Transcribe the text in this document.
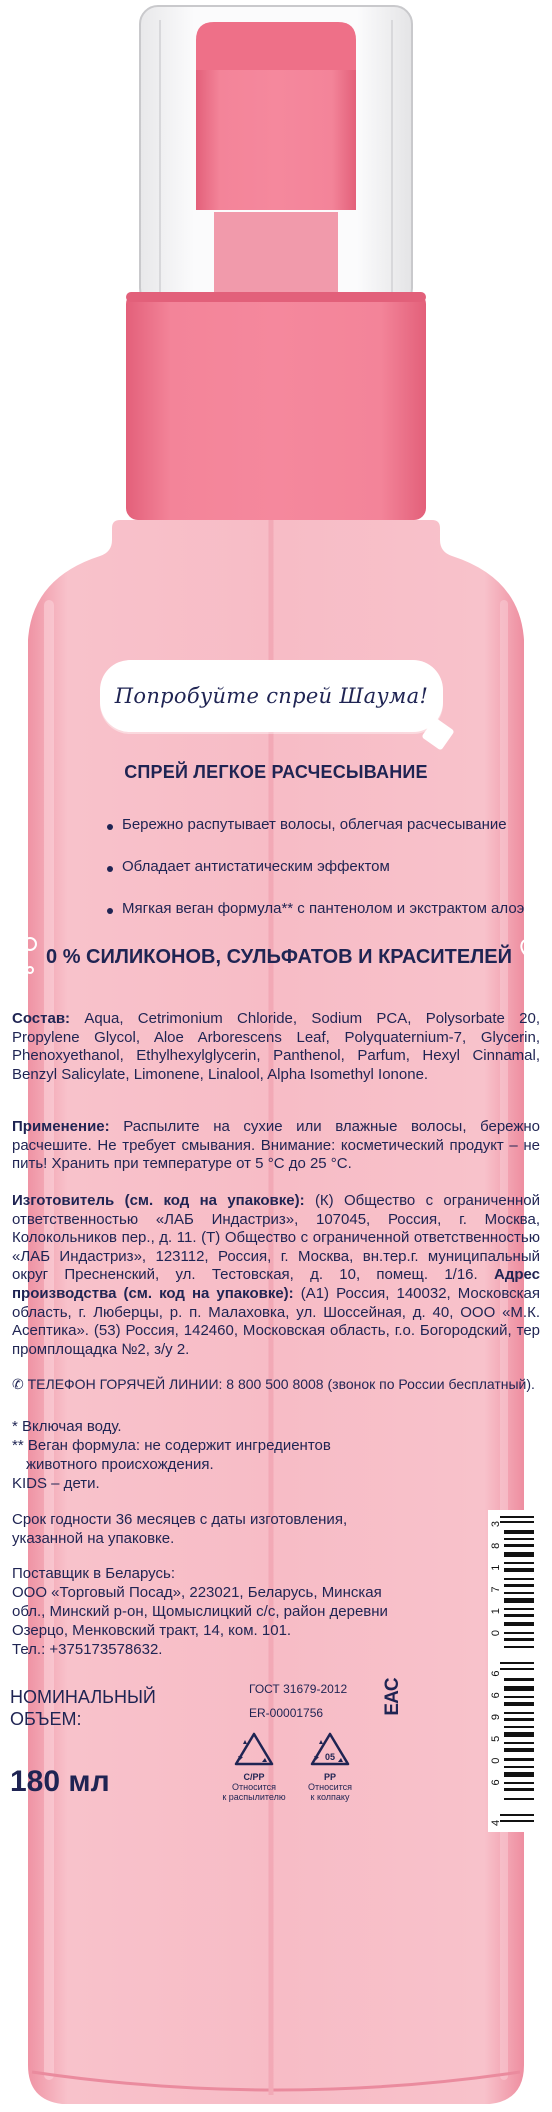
Попробуйте спрей Шаума!
СПРЕЙ ЛЕГКОЕ РАСЧЕСЫВАНИЕ
Бережно распутывает волосы, облегчая расчесывание
Обладает антистатическим эффектом
Мягкая веган формула** с пантенолом и экстрактом алоэ
0 % СИЛИКОНОВ, СУЛЬФАТОВ И КРАСИТЕЛЕЙ
Состав: Aqua, Cetrimonium Chloride, Sodium PCA, Polysorbate 20, Propylene Glycol, Aloe Arborescens Leaf, Polyquaternium-7, Glycerin, Phenoxyethanol, Ethylhexylglycerin, Panthenol, Parfum, Hexyl Cinnamal, Benzyl Salicylate, Limonene, Linalool, Alpha Isomethyl Ionone.
Применение: Распылите на сухие или влажные волосы, бережно расчешите. Не требует смывания. Внимание: косметический продукт – не пить! Хранить при температуре от 5 °C до 25 °C.
Изготовитель (см. код на упаковке): (К) Общество с ограниченной ответственностью «ЛАБ Индастриз», 107045, Россия, г. Москва, Колокольников пер., д. 11. (Т) Общество с ограниченной ответственностью «ЛАБ Индастриз», 123112, Россия, г. Москва, вн.тер.г. муниципальный округ Пресненский, ул. Тестовская, д. 10, помещ. 1/16. Адрес производства (см. код на упаковке): (А1) Россия, 140032, Московская область, г. Люберцы, р. п. Малаховка, ул. Шоссейная, д. 40, ООО «М.К. Асептика». (53) Россия, 142460, Московская область, г.о. Богородский, тер промплощадка №2, з/у 2.
✆ ТЕЛЕФОН ГОРЯЧЕЙ ЛИНИИ: 8 800 500 8008 (звонок по России бесплатный).
* Включая воду.
** Веган формула: не содержит ингредиентов
животного происхождения.
KIDS – дети.
Срок годности 36 месяцев с даты изготовления,
указанной на упаковке.
Поставщик в Беларусь:
ООО «Торговый Посад», 223021, Беларусь, Минская
обл., Минский р-он, Щомыслицкий с/с, район деревни
Озерцо, Менковский тракт, 14, ком. 101.
Тел.: +375173578632.
НОМИНАЛЬНЫЙ
ОБЪЕМ:
180 мл
ГОСТ 31679-2012
ER-00001756
C/PP
Относится
к распылителю
05
PP
Относится
к колпаку
EAC
4 605966 017183
